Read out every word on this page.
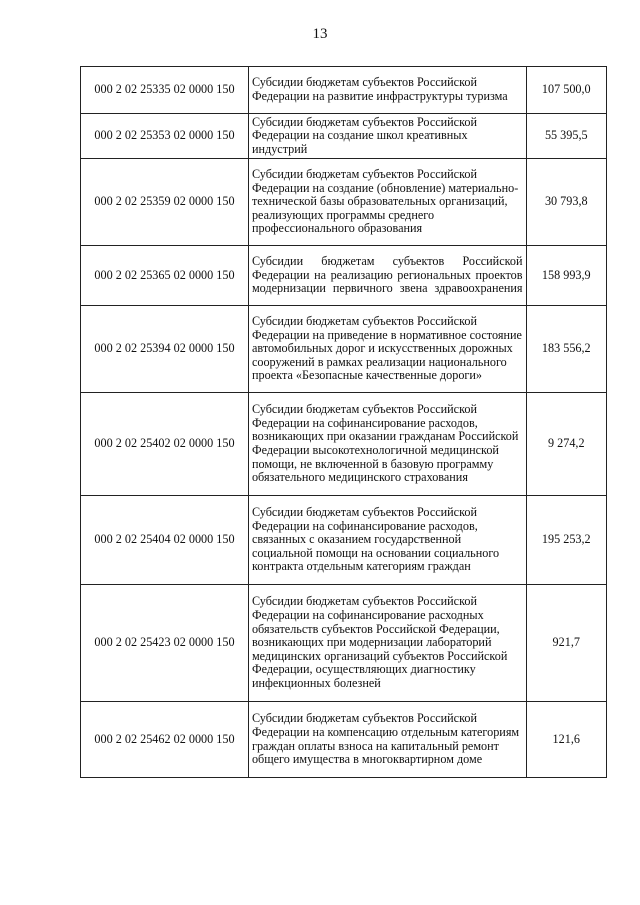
13
000 2 02 25335 02 0000 150	Субсидии бюджетам субъектов Российской Федерации на развитие инфраструктуры туризма	107 500,0
000 2 02 25353 02 0000 150	Субсидии бюджетам субъектов Российской Федерации на создание школ креативных индустрий	55 395,5
000 2 02 25359 02 0000 150	Субсидии бюджетам субъектов Российской Федерации на создание (обновление) материально-технической базы образовательных организаций, реализующих программы среднего профессионального образования	30 793,8
000 2 02 25365 02 0000 150	Субсидии бюджетам субъектов Российской Федерации на реализацию региональных проектов модернизации первичного звена здравоохранения	158 993,9
000 2 02 25394 02 0000 150	Субсидии бюджетам субъектов Российской Федерации на приведение в нормативное состояние автомобильных дорог и искусственных дорожных сооружений в рамках реализации национального проекта «Безопасные качественные дороги»	183 556,2
000 2 02 25402 02 0000 150	Субсидии бюджетам субъектов Российской Федерации на софинансирование расходов, возникающих при оказании гражданам Российской Федерации высокотехнологичной медицинской помощи, не включенной в базовую программу обязательного медицинского страхования	9 274,2
000 2 02 25404 02 0000 150	Субсидии бюджетам субъектов Российской Федерации на софинансирование расходов, связанных с оказанием государственной социальной помощи на основании социального контракта отдельным категориям граждан	195 253,2
000 2 02 25423 02 0000 150	Субсидии бюджетам субъектов Российской Федерации на софинансирование расходных обязательств субъектов Российской Федерации, возникающих при модернизации лабораторий медицинских организаций субъектов Российской Федерации, осуществляющих диагностику инфекционных болезней	921,7
000 2 02 25462 02 0000 150	Субсидии бюджетам субъектов Российской Федерации на компенсацию отдельным категориям граждан оплаты взноса на капитальный ремонт общего имущества в многоквартирном доме	121,6
